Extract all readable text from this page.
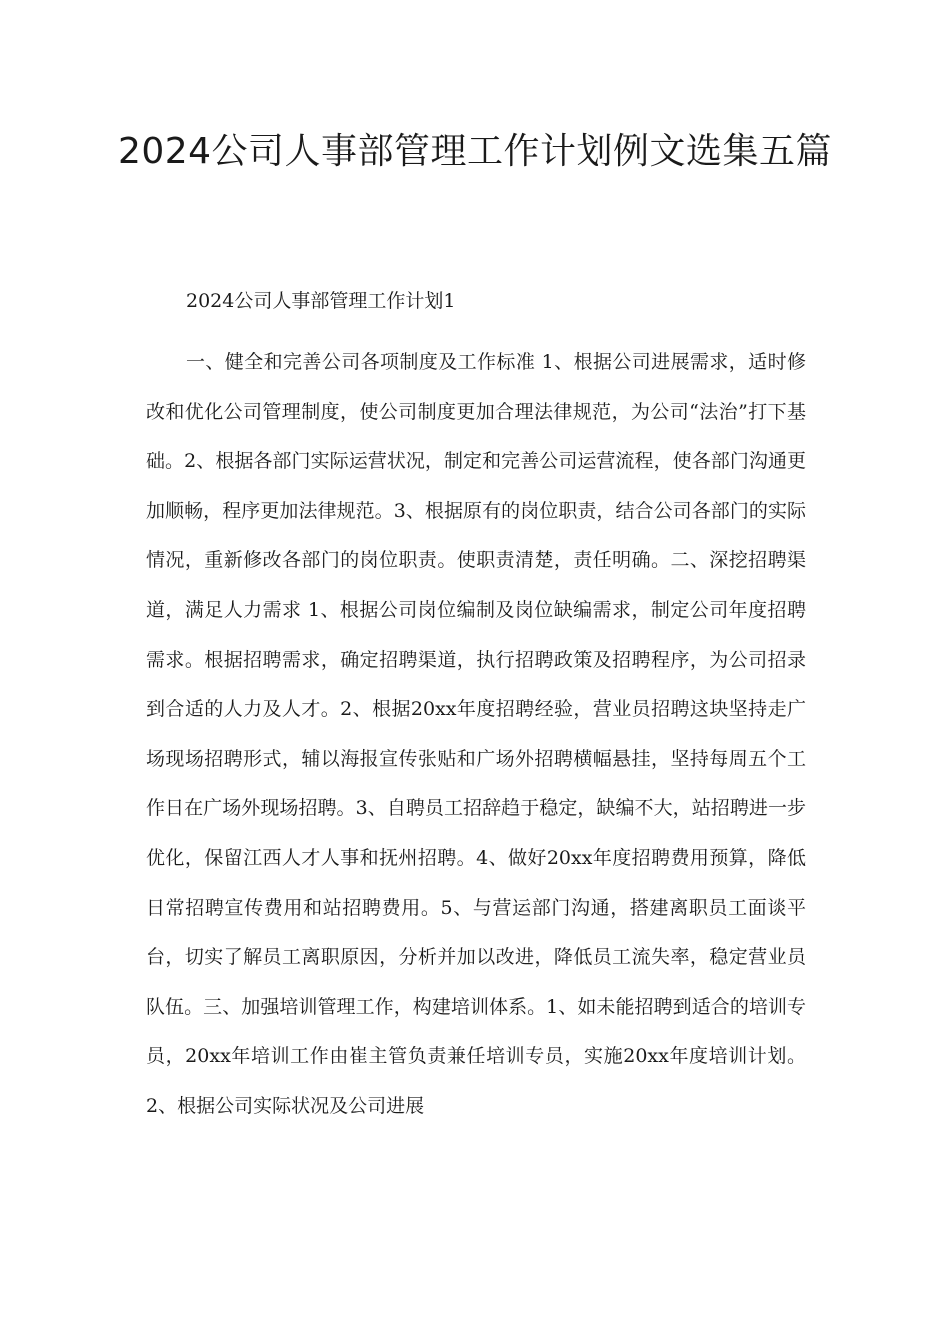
2024公司人事部管理工作计划例文选集五篇

2024公司人事部管理工作计划1

一、健全和完善公司各项制度及工作标准 1、根据公司进展需求，适时修改和优化公司管理制度，使公司制度更加合理法律规范，为公司“法治”打下基础。2、根据各部门实际运营状况，制定和完善公司运营流程，使各部门沟通更加顺畅，程序更加法律规范。3、根据原有的岗位职责，结合公司各部门的实际情况，重新修改各部门的岗位职责。使职责清楚，责任明确。二、深挖招聘渠道，满足人力需求 1、根据公司岗位编制及岗位缺编需求，制定公司年度招聘需求。根据招聘需求，确定招聘渠道，执行招聘政策及招聘程序，为公司招录到合适的人力及人才。2、根据20xx年度招聘经验，营业员招聘这块坚持走广场现场招聘形式，辅以海报宣传张贴和广场外招聘横幅悬挂，坚持每周五个工作日在广场外现场招聘。3、自聘员工招辞趋于稳定，缺编不大，站招聘进一步优化，保留江西人才人事和抚州招聘。4、做好20xx年度招聘费用预算，降低日常招聘宣传费用和站招聘费用。5、与营运部门沟通，搭建离职员工面谈平台，切实了解员工离职原因，分析并加以改进，降低员工流失率，稳定营业员队伍。三、加强培训管理工作，构建培训体系。1、如未能招聘到适合的培训专员，20xx年培训工作由崔主管负责兼任培训专员，实施20xx年度培训计划。2、根据公司实际状况及公司进展
